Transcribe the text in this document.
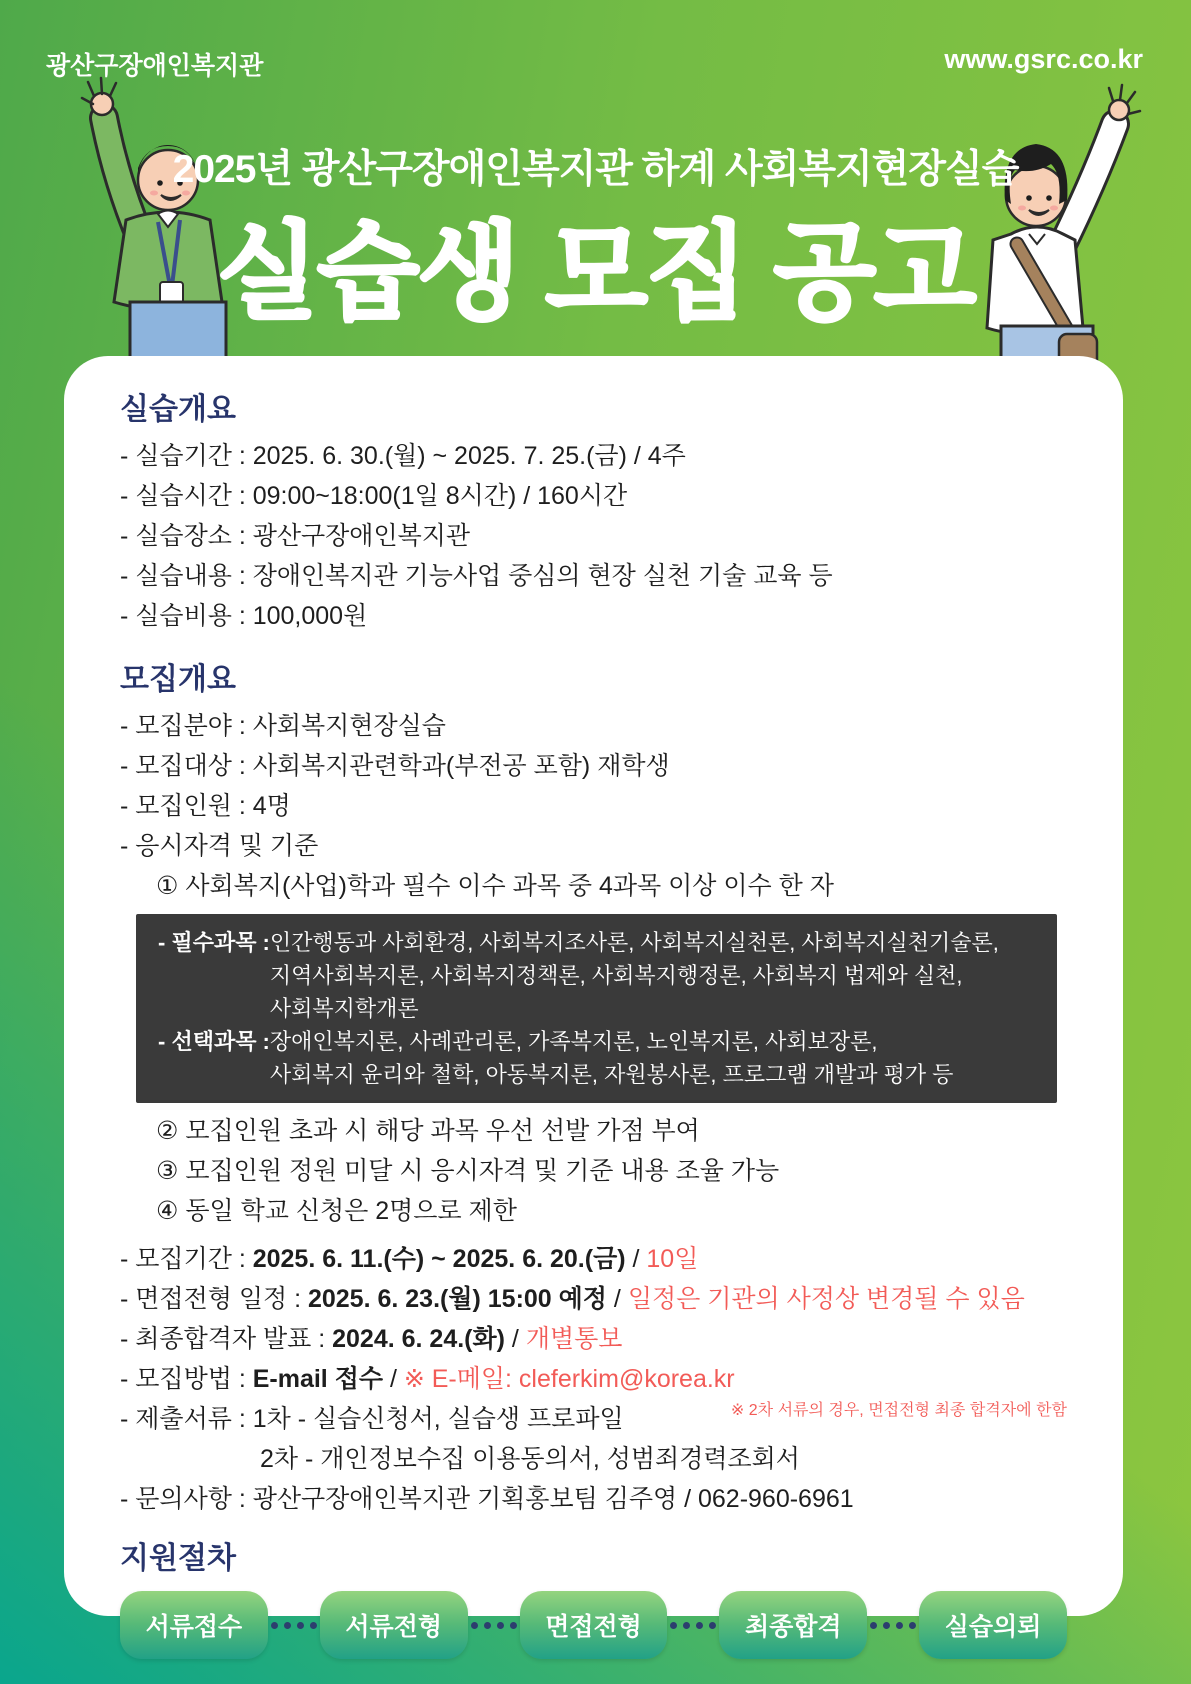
광산구장애인복지관	www.gsrc.co.kr
2025년 광산구장애인복지관 하계 사회복지현장실습
실습생 모집 공고
실습개요
- 실습기간 : 2025. 6. 30.(월) ~ 2025. 7. 25.(금) / 4주
- 실습시간 : 09:00~18:00(1일 8시간) / 160시간
- 실습장소 : 광산구장애인복지관
- 실습내용 : 장애인복지관 기능사업 중심의 현장 실천 기술 교육 등
- 실습비용 : 100,000원
모집개요
- 모집분야 : 사회복지현장실습
- 모집대상 : 사회복지관련학과(부전공 포함) 재학생
- 모집인원 : 4명
- 응시자격 및 기준
① 사회복지(사업)학과 필수 이수 과목 중 4과목 이상 이수 한 자
- 필수과목 : 인간행동과 사회환경, 사회복지조사론, 사회복지실천론, 사회복지실천기술론,
지역사회복지론, 사회복지정책론, 사회복지행정론, 사회복지 법제와 실천,
사회복지학개론
- 선택과목 : 장애인복지론, 사례관리론, 가족복지론, 노인복지론, 사회보장론,
사회복지 윤리와 철학, 아동복지론, 자원봉사론, 프로그램 개발과 평가 등
② 모집인원 초과 시 해당 과목 우선 선발 가점 부여
③ 모집인원 정원 미달 시 응시자격 및 기준 내용 조율 가능
④ 동일 학교 신청은 2명으로 제한
- 모집기간 : 2025. 6. 11.(수) ~ 2025. 6. 20.(금) / 10일
- 면접전형 일정 : 2025. 6. 23.(월) 15:00 예정 / 일정은 기관의 사정상 변경될 수 있음
- 최종합격자 발표 : 2024. 6. 24.(화) / 개별통보
- 모집방법 : E-mail 접수 / ※ E-메일: cleferkim@korea.kr
※ 2차 서류의 경우, 면접전형 최종 합격자에 한함
- 제출서류 : 1차 - 실습신청서, 실습생 프로파일
2차 - 개인정보수집 이용동의서, 성범죄경력조회서
- 문의사항 : 광산구장애인복지관 기획홍보팀 김주영 / 062-960-6961
지원절차
서류접수	서류전형	면접전형	최종합격	실습의뢰
